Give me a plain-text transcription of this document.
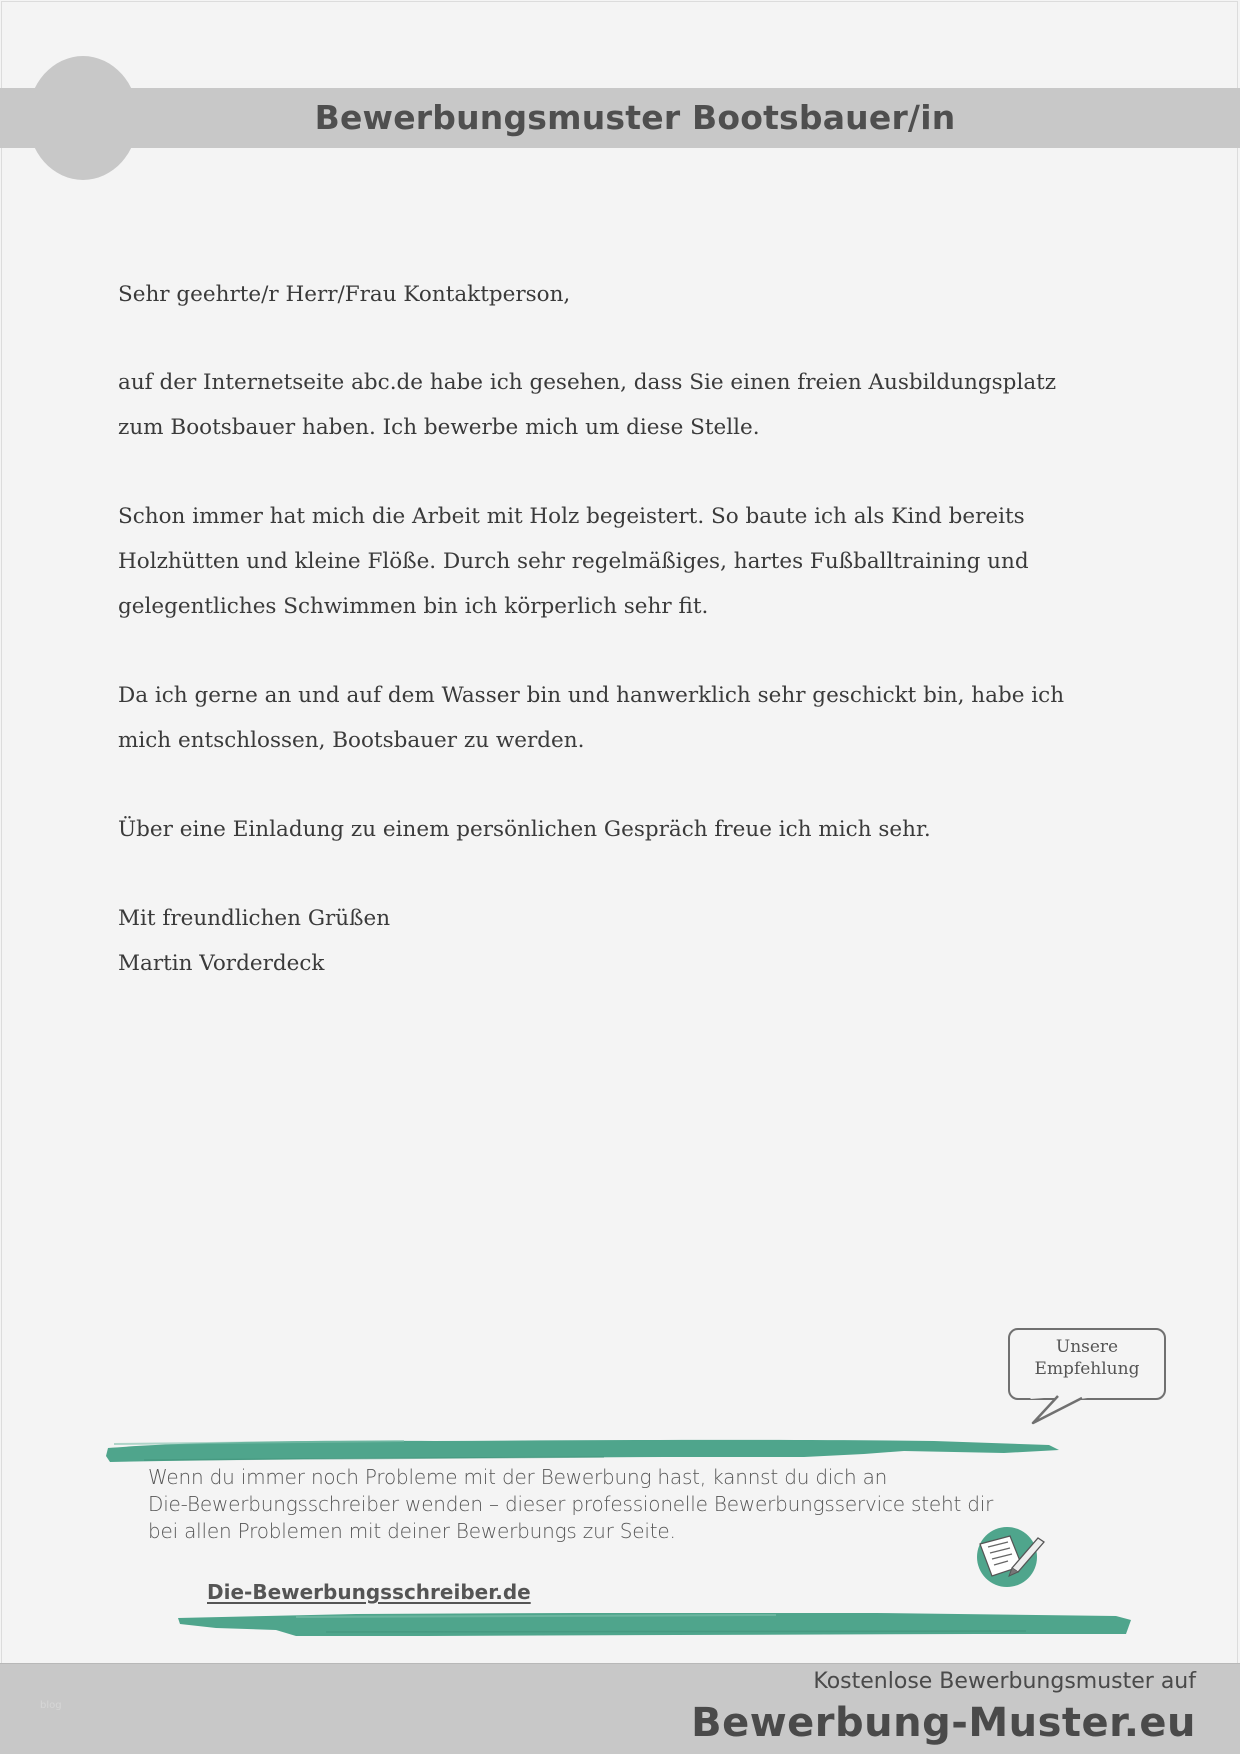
Bewerbungsmuster Bootsbauer/in
Sehr geehrte/r Herr/Frau Kontaktperson,
auf der Internetseite abc.de habe ich gesehen, dass Sie einen freien Ausbildungsplatz
zum Bootsbauer haben. Ich bewerbe mich um diese Stelle.
Schon immer hat mich die Arbeit mit Holz begeistert. So baute ich als Kind bereits
Holzhütten und kleine Flöße. Durch sehr regelmäßiges, hartes Fußballtraining und
gelegentliches Schwimmen bin ich körperlich sehr fit.
Da ich gerne an und auf dem Wasser bin und hanwerklich sehr geschickt bin, habe ich
mich entschlossen, Bootsbauer zu werden.
Über eine Einladung zu einem persönlichen Gespräch freue ich mich sehr.
Mit freundlichen Grüßen
Martin Vorderdeck
Unsere
Empfehlung
Wenn du immer noch Probleme mit der Bewerbung hast, kannst du dich an
Die-Bewerbungsschreiber wenden – dieser professionelle Bewerbungsservice steht dir
bei allen Problemen mit deiner Bewerbungs zur Seite.
Die-Bewerbungsschreiber.de
blog
Kostenlose Bewerbungsmuster auf
Bewerbung-Muster.eu
